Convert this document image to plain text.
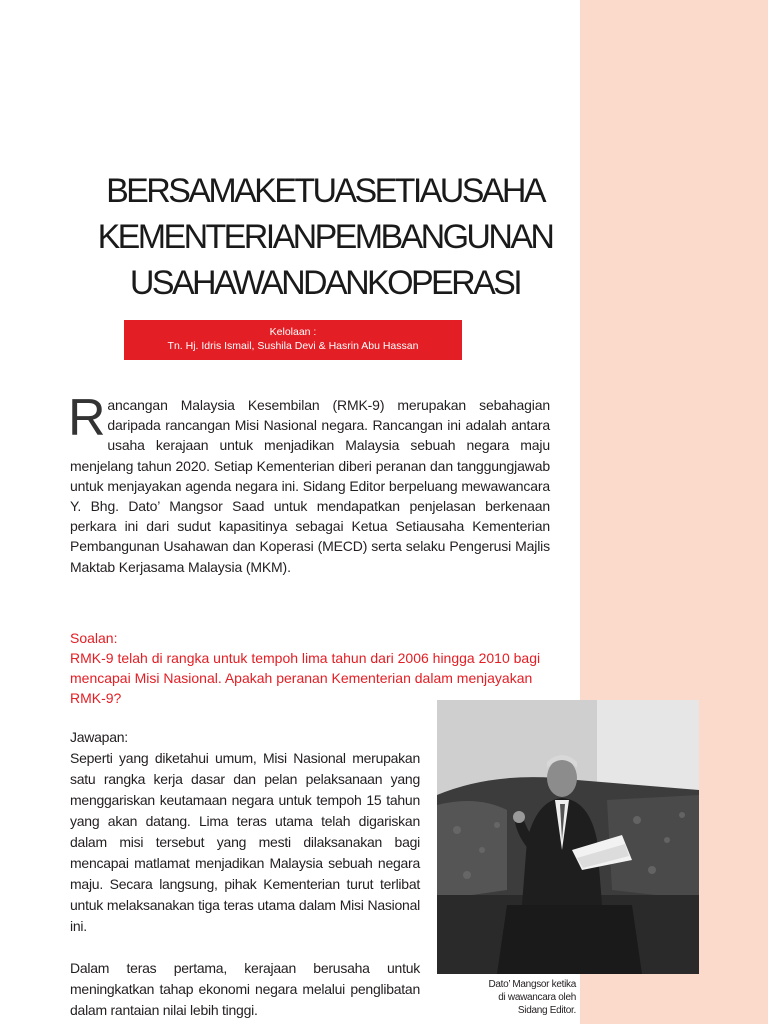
BERSAMAKETUASETIAUSAHA
KEMENTERIANPEMBANGUNAN
USAHAWANDANKOPERASI
Kelolaan :
Tn. Hj. Idris Ismail, Sushila Devi & Hasrin Abu Hassan

Rancangan Malaysia Kesembilan (RMK-9) merupakan sebahagian daripada rancangan Misi Nasional negara. Rancangan ini adalah antara usaha kerajaan untuk menjadikan Malaysia sebuah negara maju menjelang tahun 2020. Setiap Kementerian diberi peranan dan tanggungjawab untuk menjayakan agenda negara ini. Sidang Editor berpeluang mewawancara Y. Bhg. Dato’ Mangsor Saad untuk mendapatkan penjelasan berkenaan perkara ini dari sudut kapasitinya sebagai Ketua Setiausaha Kementerian Pembangunan Usahawan dan Koperasi (MECD) serta selaku Pengerusi Majlis Maktab Kerjasama Malaysia (MKM).

Soalan:

RMK-9 telah di rangka untuk tempoh lima tahun dari 2006 hingga 2010 bagi mencapai Misi Nasional. Apakah peranan Kementerian dalam menjayakan RMK-9?

Jawapan:

Seperti yang diketahui umum, Misi Nasional merupakan satu rangka kerja dasar dan pelan pelaksanaan yang menggariskan keutamaan negara untuk tempoh 15 tahun yang akan datang. Lima teras utama telah digariskan dalam misi tersebut yang mesti dilaksanakan bagi mencapai matlamat menjadikan Malaysia sebuah negara maju. Secara langsung, pihak Kementerian turut terlibat untuk melaksanakan tiga teras utama dalam Misi Nasional ini.

Dalam teras pertama, kerajaan berusaha untuk meningkatkan tahap ekonomi negara melalui penglibatan dalam rantaian nilai lebih tinggi.

Dato’ Mangsor ketika
di wawancara oleh
Sidang Editor.
